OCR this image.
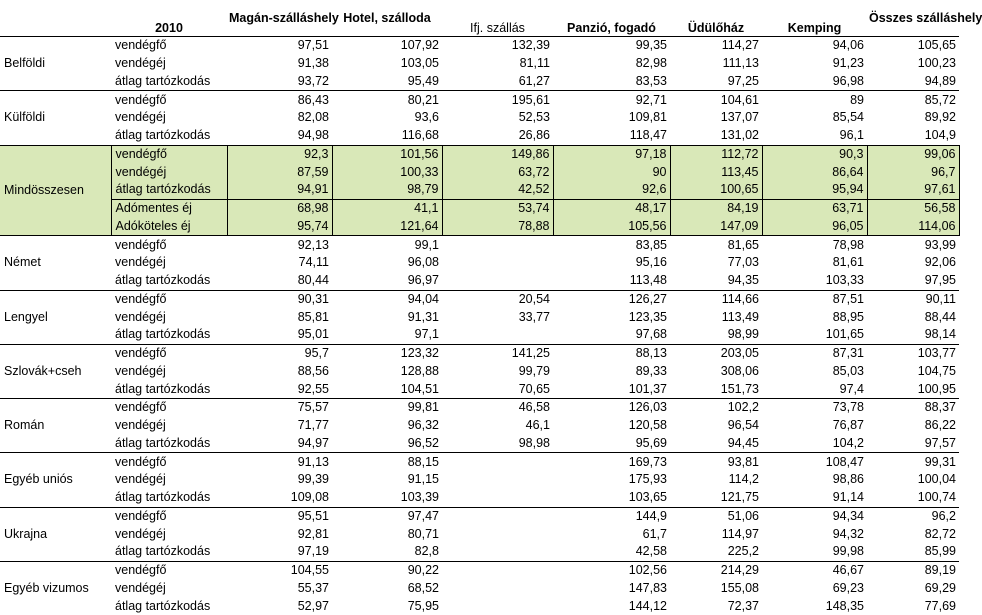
	2010	Magán-szálláshely	Hotel, szálloda	Ifj. szállás	Panzió, fogadó	Üdülőház	Kemping	Összes szálláshely
Belföldi	vendégfő	97,51	107,92	132,39	99,35	114,27	94,06	105,65
	vendégéj	91,38	103,05	81,11	82,98	111,13	91,23	100,23
	átlag tartózkodás	93,72	95,49	61,27	83,53	97,25	96,98	94,89
Külföldi	vendégfő	86,43	80,21	195,61	92,71	104,61	89	85,72
	vendégéj	82,08	93,6	52,53	109,81	137,07	85,54	89,92
	átlag tartózkodás	94,98	116,68	26,86	118,47	131,02	96,1	104,9
Mindösszesen	vendégfő	92,3	101,56	149,86	97,18	112,72	90,3	99,06
	vendégéj	87,59	100,33	63,72	90	113,45	86,64	96,7
	átlag tartózkodás	94,91	98,79	42,52	92,6	100,65	95,94	97,61
	Adómentes éj	68,98	41,1	53,74	48,17	84,19	63,71	56,58
	Adóköteles éj	95,74	121,64	78,88	105,56	147,09	96,05	114,06
Német	vendégfő	92,13	99,1		83,85	81,65	78,98	93,99
	vendégéj	74,11	96,08		95,16	77,03	81,61	92,06
	átlag tartózkodás	80,44	96,97		113,48	94,35	103,33	97,95
Lengyel	vendégfő	90,31	94,04	20,54	126,27	114,66	87,51	90,11
	vendégéj	85,81	91,31	33,77	123,35	113,49	88,95	88,44
	átlag tartózkodás	95,01	97,1		97,68	98,99	101,65	98,14
Szlovák+cseh	vendégfő	95,7	123,32	141,25	88,13	203,05	87,31	103,77
	vendégéj	88,56	128,88	99,79	89,33	308,06	85,03	104,75
	átlag tartózkodás	92,55	104,51	70,65	101,37	151,73	97,4	100,95
Román	vendégfő	75,57	99,81	46,58	126,03	102,2	73,78	88,37
	vendégéj	71,77	96,32	46,1	120,58	96,54	76,87	86,22
	átlag tartózkodás	94,97	96,52	98,98	95,69	94,45	104,2	97,57
Egyéb uniós	vendégfő	91,13	88,15		169,73	93,81	108,47	99,31
	vendégéj	99,39	91,15		175,93	114,2	98,86	100,04
	átlag tartózkodás	109,08	103,39		103,65	121,75	91,14	100,74
Ukrajna	vendégfő	95,51	97,47		144,9	51,06	94,34	96,2
	vendégéj	92,81	80,71		61,7	114,97	94,32	82,72
	átlag tartózkodás	97,19	82,8		42,58	225,2	99,98	85,99
Egyéb vizumos	vendégfő	104,55	90,22		102,56	214,29	46,67	89,19
	vendégéj	55,37	68,52		147,83	155,08	69,23	69,29
	átlag tartózkodás	52,97	75,95		144,12	72,37	148,35	77,69
